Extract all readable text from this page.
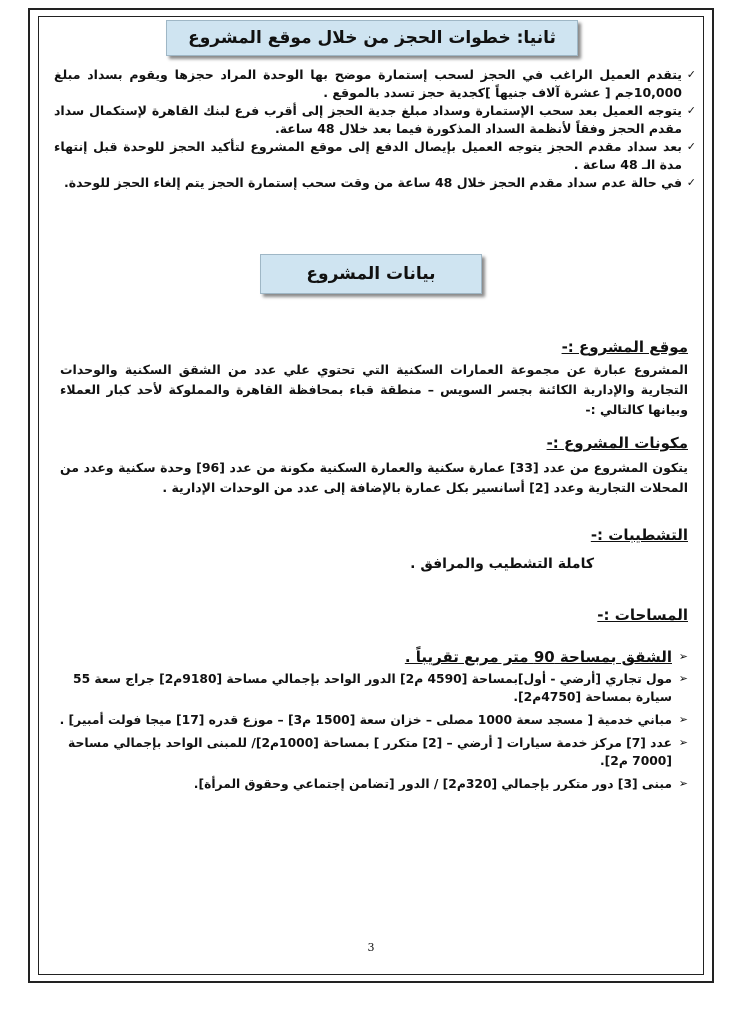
ثانيا: خطوات الحجز من خلال موقع المشروع
✓
يتقدم العميل الراغب في الحجز لسحب إستمارة موضح بها الوحدة المراد حجزها ويقوم بسداد مبلغ 10,000جم [ عشرة آلاف جنيهاً ]كجدية حجز تسدد بالموقع .
✓
يتوجه العميل بعد سحب الإستمارة وسداد مبلغ جدية الحجز إلى أقرب فرع لبنك القاهرة لإستكمال سداد مقدم الحجز وفقاً لأنظمة السداد المذكورة فيما بعد خلال 48 ساعة.
✓
بعد سداد مقدم الحجز يتوجه العميل بإيصال الدفع إلى موقع المشروع لتأكيد الحجز للوحدة قبل إنتهاء مدة الـ 48 ساعة .
✓
في حالة عدم سداد مقدم الحجز خلال 48 ساعة من وقت سحب إستمارة الحجز يتم إلغاء الحجز للوحدة.
بيانات المشروع
موقع المشروع :-
المشروع عبارة عن مجموعة العمارات السكنية التي تحتوي علي عدد من الشقق السكنية والوحدات التجارية والإدارية الكائنة بجسر السويس – منطقة قباء بمحافظة القاهرة والمملوكة لأحد كبار العملاء وبيانها كالتالي :-
مكونات المشروع :-
يتكون المشروع من عدد [33] عمارة سكنية والعمارة السكنية مكونة من عدد [96] وحدة سكنية وعدد من المحلات التجارية وعدد [2] أسانسير بكل عمارة بالإضافة إلى عدد من الوحدات الإدارية .
التشطيبات :-
كاملة التشطيب والمرافق .
المساحات :-
➢
الشقق بمساحة 90 متر مربع تقريباً .
➢
مول تجاري [أرضي - أول]بمساحة [4590 م2] الدور الواحد بإجمالي مساحة [9180م2] جراج سعة 55 سيارة بمساحة [4750م2].
➢
مباني خدمية [ مسجد سعة 1000 مصلى – خزان سعة [1500 م3] – موزع قدره [17] ميجا فولت أمبير] .
➢
عدد [7] مركز خدمة سيارات [ أرضي – [2] متكرر ] بمساحة [1000م2]/ للمبنى الواحد بإجمالي مساحة [7000 م2].
➢
مبنى [3] دور متكرر بإجمالي [320م2] / الدور [تضامن إجتماعي وحقوق المرأة].
3
